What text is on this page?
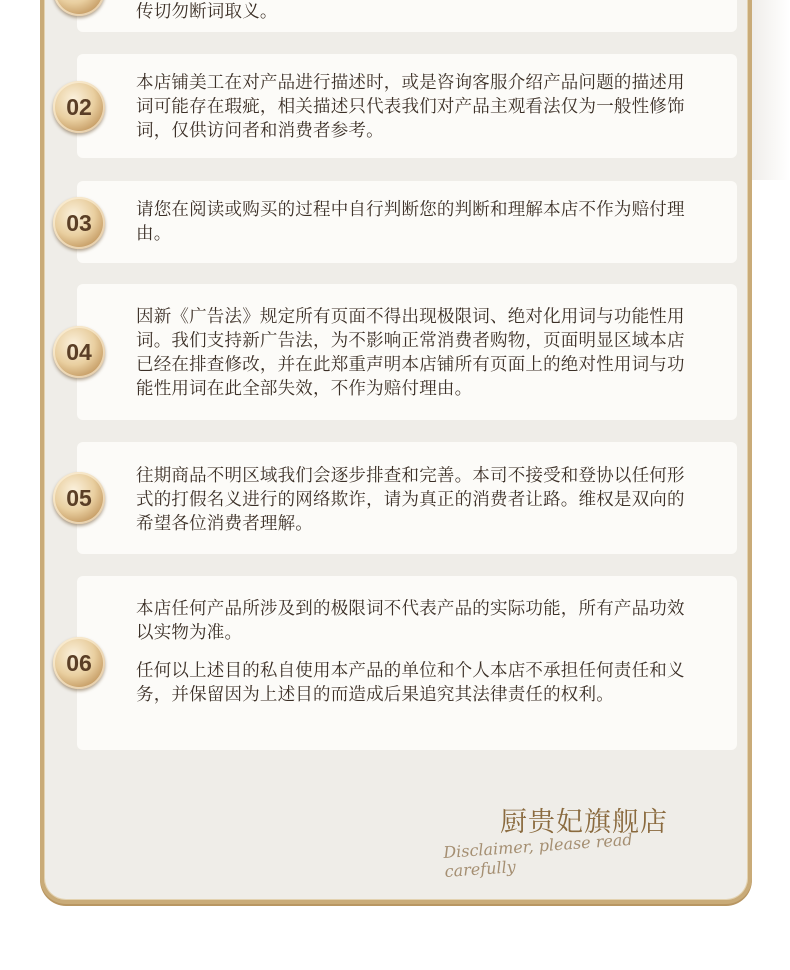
传切勿断词取义。

本店铺美工在对产品进行描述时，或是咨询客服介绍产品问题的描述用词可能存在瑕疵，相关描述只代表我们对产品主观看法仅为一般性修饰词，仅供访问者和消费者参考。

02

请您在阅读或购买的过程中自行判断您的判断和理解本店不作为赔付理由。

03

因新《广告法》规定所有页面不得出现极限词、绝对化用词与功能性用词。我们支持新广告法，为不影响正常消费者购物，页面明显区域本店已经在排查修改，并在此郑重声明本店铺所有页面上的绝对性用词与功能性用词在此全部失效，不作为赔付理由。

04

往期商品不明区域我们会逐步排查和完善。本司不接受和登协以任何形式的打假名义进行的网络欺诈，请为真正的消费者让路。维权是双向的希望各位消费者理解。

05

本店任何产品所涉及到的极限词不代表产品的实际功能，所有产品功效以实物为准。

任何以上述目的私自使用本产品的单位和个人本店不承担任何责任和义务，并保留因为上述目的而造成后果追究其法律责任的权利。

06
厨贵妃旗舰店
Disclaimer, please read carefully
